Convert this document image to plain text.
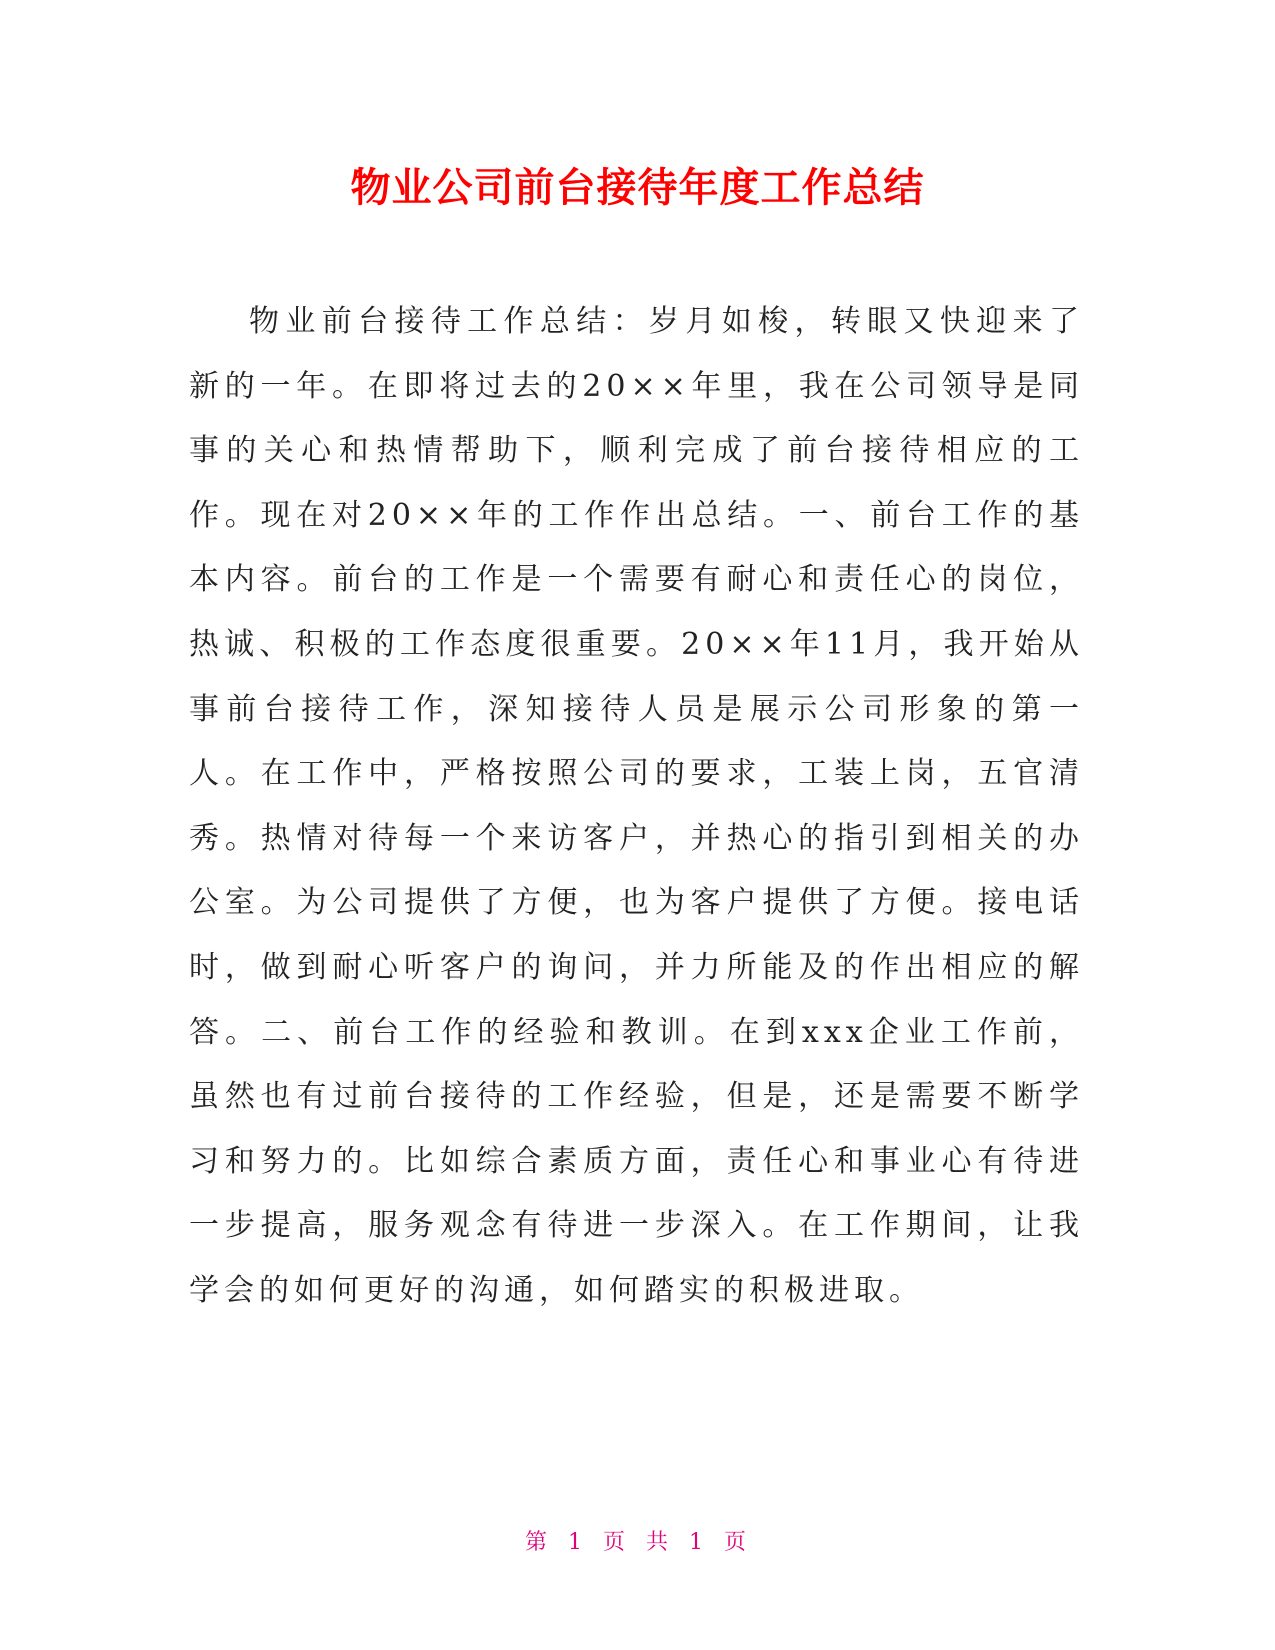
物业公司前台接待年度工作总结

物业前台接待工作总结：岁月如梭，转眼又快迎来了新的一年。在即将过去的20××年里，我在公司领导是同事的关心和热情帮助下，顺利完成了前台接待相应的工作。现在对20××年的工作作出总结。一、前台工作的基本内容。前台的工作是一个需要有耐心和责任心的岗位，热诚、积极的工作态度很重要。20××年11月，我开始从事前台接待工作，深知接待人员是展示公司形象的第一人。在工作中，严格按照公司的要求，工装上岗，五官清秀。热情对待每一个来访客户，并热心的指引到相关的办公室。为公司提供了方便，也为客户提供了方便。接电话时，做到耐心听客户的询问，并力所能及的作出相应的解答。二、前台工作的经验和教训。在到xxx企业工作前，虽然也有过前台接待的工作经验，但是，还是需要不断学习和努力的。比如综合素质方面，责任心和事业心有待进一步提高，服务观念有待进一步深入。在工作期间，让我学会的如何更好的沟通，如何踏实的积极进取。

第 1 页 共 1 页
